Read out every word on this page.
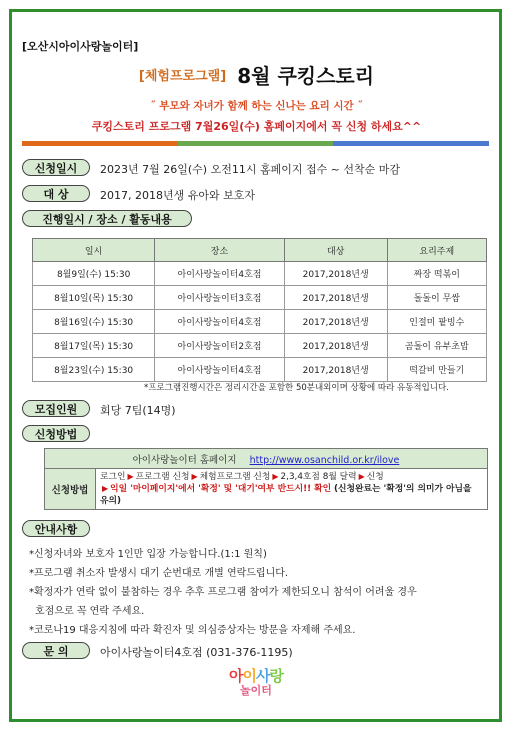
[오산시아이사랑놀이터]
[체험프로그램] 8월 쿠킹스토리
˝ 부모와 자녀가 함께 하는 신나는 요리 시간 ˝
쿠킹스토리 프로그램 7월26일(수) 홈페이지에서 꼭 신청 하세요^^
신청일시	2023년 7월 26일(수) 오전11시 홈페이지 접수 ~ 선착순 마감
대 상	2017, 2018년생 유아와 보호자
진행일시 / 장소 / 활동내용
일시	장소	대상	요리주제
8월9일(수) 15:30	아이사랑놀이터4호점	2017,2018년생	짜장 떡볶이
8월10일(목) 15:30	아이사랑놀이터3호점	2017,2018년생	돌돌이 무쌈
8월16일(수) 15:30	아이사랑놀이터4호점	2017,2018년생	인절미 팥빙수
8월17일(목) 15:30	아이사랑놀이터2호점	2017,2018년생	곰돌이 유부초밥
8월23일(수) 15:30	아이사랑놀이터4호점	2017,2018년생	떡갈비 만들기
*프로그램진행시간은 정리시간을 포함한 50분내외이며 상황에 따라 유동적입니다.
모집인원	회당 7팀(14명)
신청방법
아이사랑놀이터 홈페이지 http://www.osanchild.or.kr/ilove
신청방법	
로그인 ▶ 프로그램 신청 ▶ 체험프로그램 신청 ▶ 2,3,4호점 8월 달력 ▶ 신청
▶ 익일 '마이페이지'에서 '확정' 및 '대기'여부 반드시!! 확인 (신청완료는 '확정'의 의미가 아님을 유의)
안내사항
*신청자녀와 보호자 1인만 입장 가능합니다.(1:1 원칙)
*프로그램 취소자 발생시 대기 순번대로 개별 연락드립니다.
*확정자가 연락 없이 불참하는 경우 추후 프로그램 참여가 제한되오니 참석이 어려울 경우
호점으로 꼭 연락 주세요.
*코로나19 대응지침에 따라 확진자 및 의심증상자는 방문을 자제해 주세요.
문 의	아이사랑놀이터4호점 (031-376-1195)
아이사랑
놀이터
